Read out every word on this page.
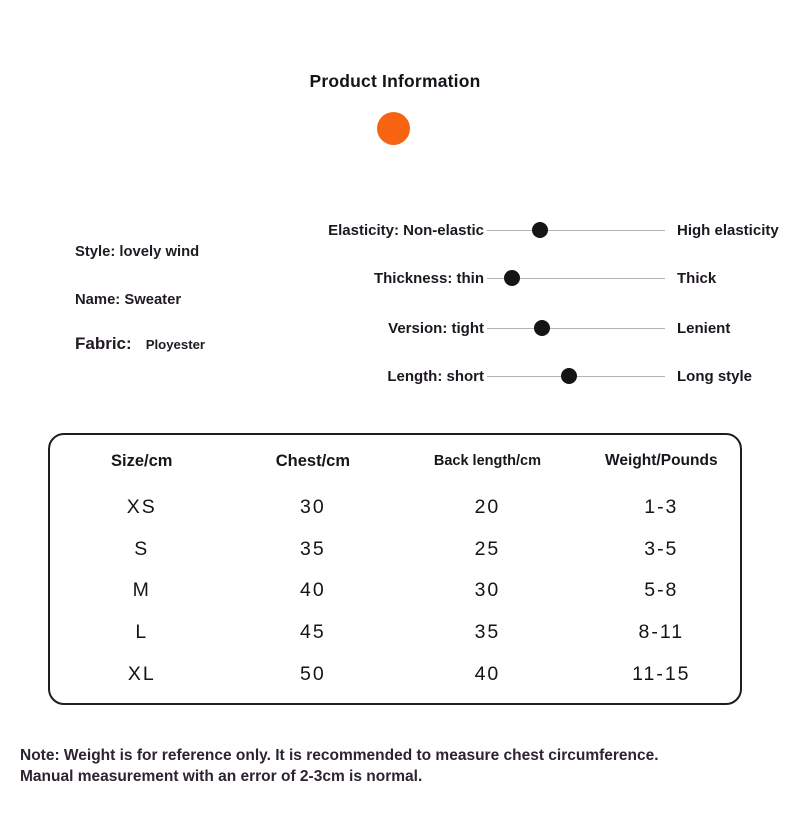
Product Information
Style: lovely wind
Name: Sweater
Fabric: Ployester
Elasticity: Non-elastic	High elasticity
Thickness: thin	Thick
Version: tight	Lenient
Length: short	Long style
Size/cm	Chest/cm	Back length/cm	Weight/Pounds
XS	30	20	1-3
S	35	25	3-5
M	40	30	5-8
L	45	35	8-11
XL	50	40	11-15
Note: Weight is for reference only. It is recommended to measure chest circumference.
Manual measurement with an error of 2-3cm is normal.
